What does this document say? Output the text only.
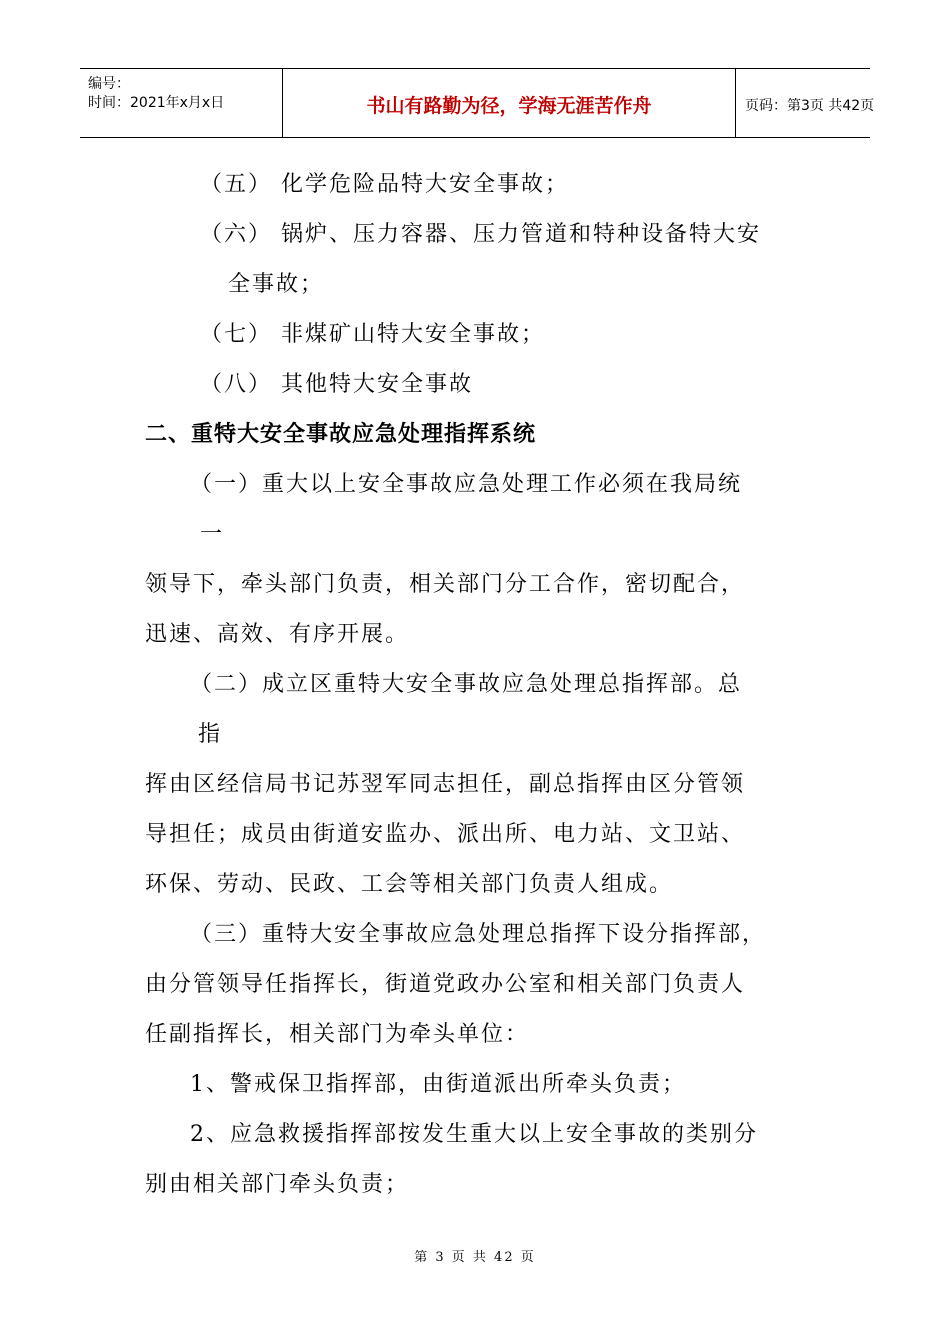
编号：
时间：2021年x月x日	书山有路勤为径，学海无涯苦作舟	页码：第3页 共42页
（五） 化学危险品特大安全事故；
（六） 锅炉、压力容器、压力管道和特种设备特大安
全事故；
（七） 非煤矿山特大安全事故；
（八） 其他特大安全事故
二、重特大安全事故应急处理指挥系统
（一）重大以上安全事故应急处理工作必须在我局统
一
领导下，牵头部门负责，相关部门分工合作，密切配合，
迅速、高效、有序开展。
（二）成立区重特大安全事故应急处理总指挥部。总
指
挥由区经信局书记苏翌军同志担任，副总指挥由区分管领
导担任；成员由街道安监办、派出所、电力站、文卫站、
环保、劳动、民政、工会等相关部门负责人组成。
（三）重特大安全事故应急处理总指挥下设分指挥部，
由分管领导任指挥长，街道党政办公室和相关部门负责人
任副指挥长，相关部门为牵头单位：
1、警戒保卫指挥部，由街道派出所牵头负责；
2、应急救援指挥部按发生重大以上安全事故的类别分
别由相关部门牵头负责；
第 3 页 共 42 页
